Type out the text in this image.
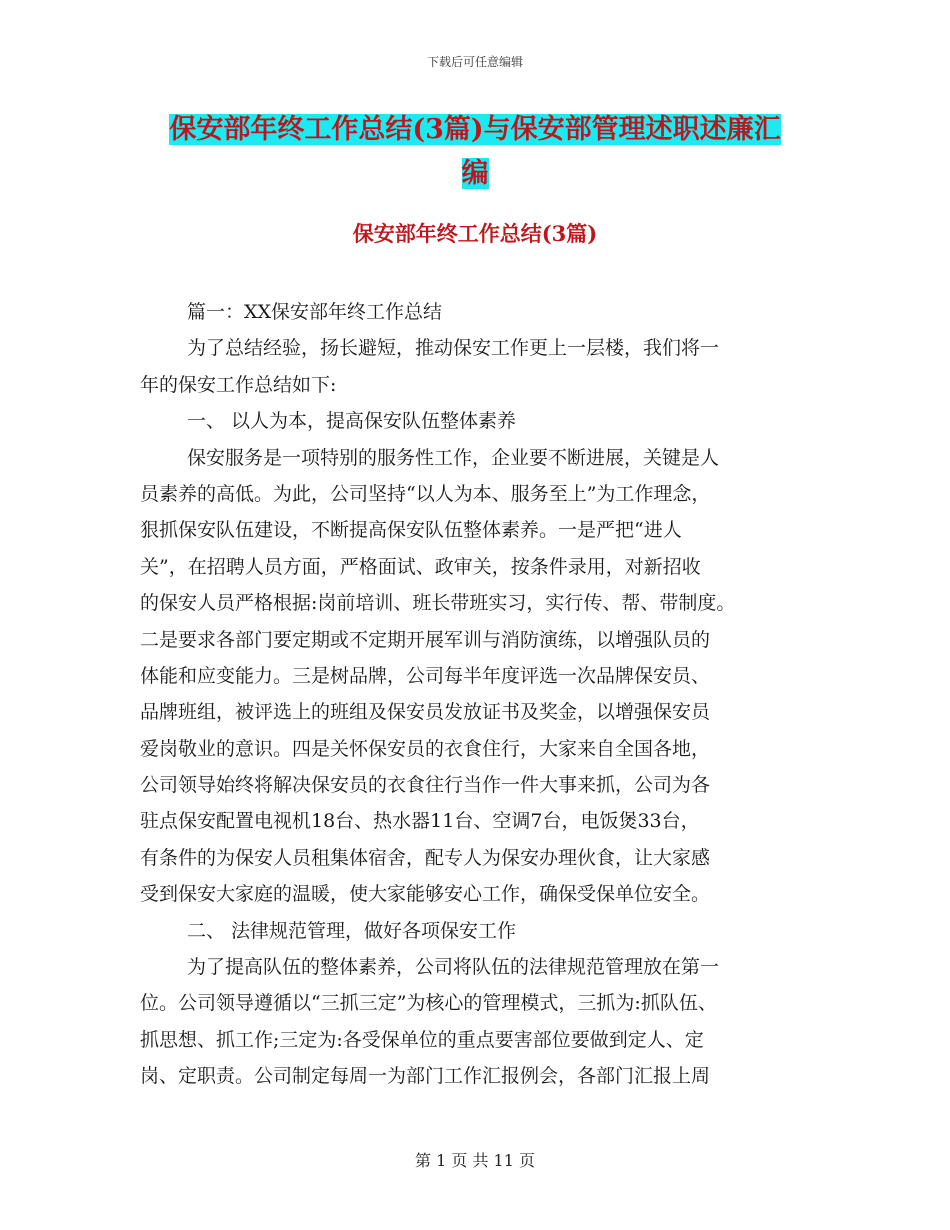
下载后可任意编辑
保安部年终工作总结(3篇)与保安部管理述职述廉汇
编
保安部年终工作总结(3篇)
篇一：XX保安部年终工作总结
为了总结经验，扬长避短，推动保安工作更上一层楼，我们将一
年的保安工作总结如下:
一、 以人为本，提高保安队伍整体素养
保安服务是一项特别的服务性工作，企业要不断进展，关键是人
员素养的高低。为此，公司坚持“以人为本、服务至上”为工作理念，
狠抓保安队伍建设，不断提高保安队伍整体素养。一是严把“进人
关”，在招聘人员方面，严格面试、政审关，按条件录用，对新招收
的保安人员严格根据:岗前培训、班长带班实习，实行传、帮、带制度。
二是要求各部门要定期或不定期开展军训与消防演练，以增强队员的
体能和应变能力。三是树品牌，公司每半年度评选一次品牌保安员、
品牌班组，被评选上的班组及保安员发放证书及奖金，以增强保安员
爱岗敬业的意识。四是关怀保安员的衣食住行，大家来自全国各地，
公司领导始终将解决保安员的衣食往行当作一件大事来抓，公司为各
驻点保安配置电视机18台、热水器11台、空调7台，电饭煲33台，
有条件的为保安人员租集体宿舍，配专人为保安办理伙食，让大家感
受到保安大家庭的温暖，使大家能够安心工作，确保受保单位安全。
二、 法律规范管理，做好各项保安工作
为了提高队伍的整体素养，公司将队伍的法律规范管理放在第一
位。公司领导遵循以“三抓三定”为核心的管理模式，三抓为:抓队伍、
抓思想、抓工作;三定为:各受保单位的重点要害部位要做到定人、定
岗、定职责。公司制定每周一为部门工作汇报例会，各部门汇报上周
第 1 页 共 11 页
